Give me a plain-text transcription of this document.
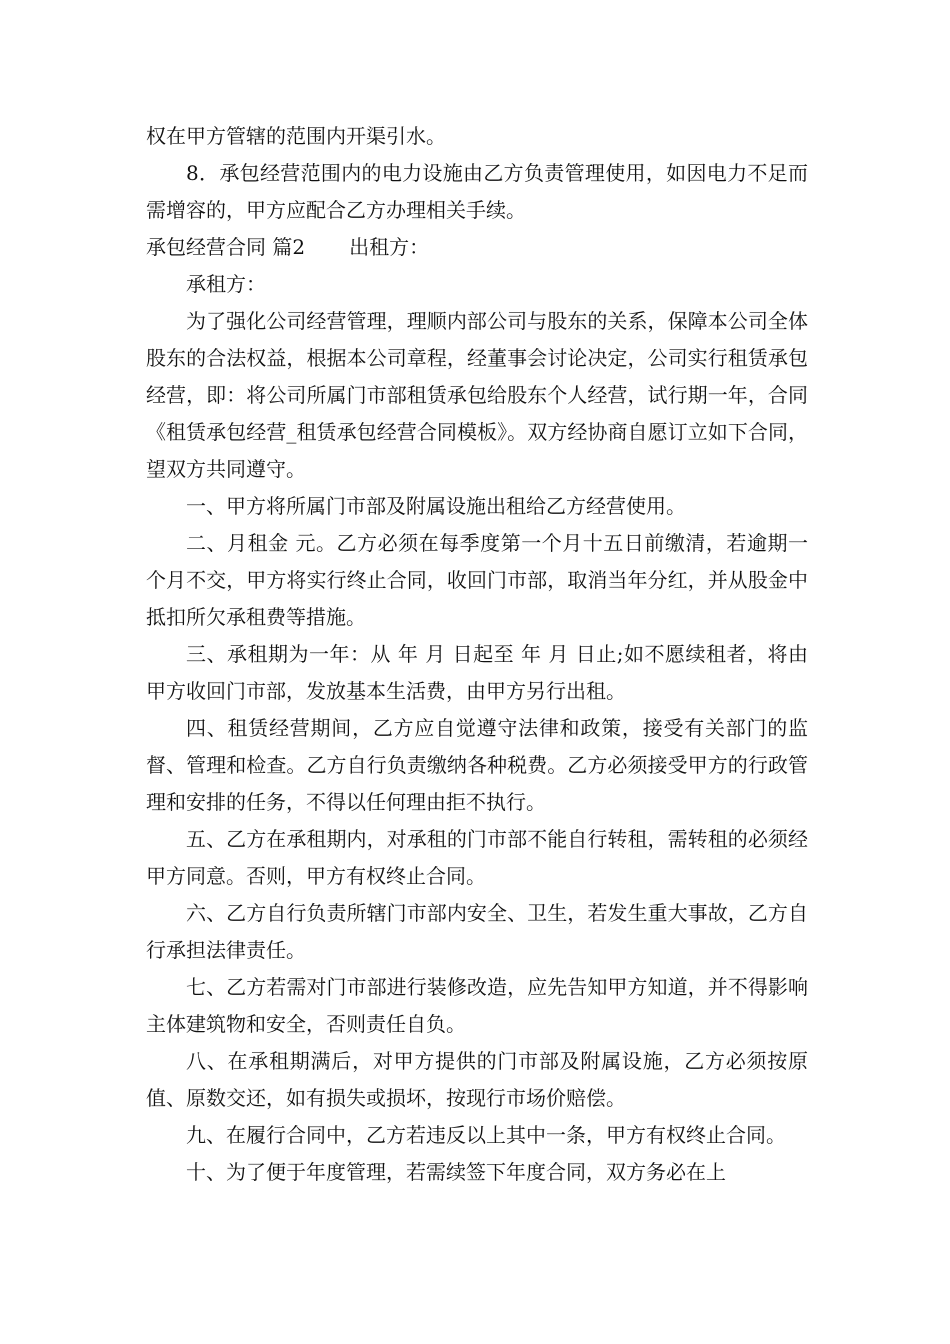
权在甲方管辖的范围内开渠引水。

8．承包经营范围内的电力设施由乙方负责管理使用，如因电力不足而需增容的，甲方应配合乙方办理相关手续。

承包经营合同 篇2 出租方：

承租方：

为了强化公司经营管理，理顺内部公司与股东的关系，保障本公司全体股东的合法权益，根据本公司章程，经董事会讨论决定，公司实行租赁承包经营，即：将公司所属门市部租赁承包给股东个人经营，试行期一年，合同《租赁承包经营_租赁承包经营合同模板》。双方经协商自愿订立如下合同，望双方共同遵守。

一、甲方将所属门市部及附属设施出租给乙方经营使用。

二、月租金 元。乙方必须在每季度第一个月十五日前缴清，若逾期一个月不交，甲方将实行终止合同，收回门市部，取消当年分红，并从股金中抵扣所欠承租费等措施。

三、承租期为一年：从 年 月 日起至 年 月 日止;如不愿续租者，将由甲方收回门市部，发放基本生活费，由甲方另行出租。

四、租赁经营期间，乙方应自觉遵守法律和政策，接受有关部门的监督、管理和检查。乙方自行负责缴纳各种税费。乙方必须接受甲方的行政管理和安排的任务，不得以任何理由拒不执行。

五、乙方在承租期内，对承租的门市部不能自行转租，需转租的必须经甲方同意。否则，甲方有权终止合同。

六、乙方自行负责所辖门市部内安全、卫生，若发生重大事故，乙方自行承担法律责任。

七、乙方若需对门市部进行装修改造，应先告知甲方知道，并不得影响主体建筑物和安全，否则责任自负。

八、在承租期满后，对甲方提供的门市部及附属设施，乙方必须按原值、原数交还，如有损失或损坏，按现行市场价赔偿。

九、在履行合同中，乙方若违反以上其中一条，甲方有权终止合同。

十、为了便于年度管理，若需续签下年度合同，双方务必在上
